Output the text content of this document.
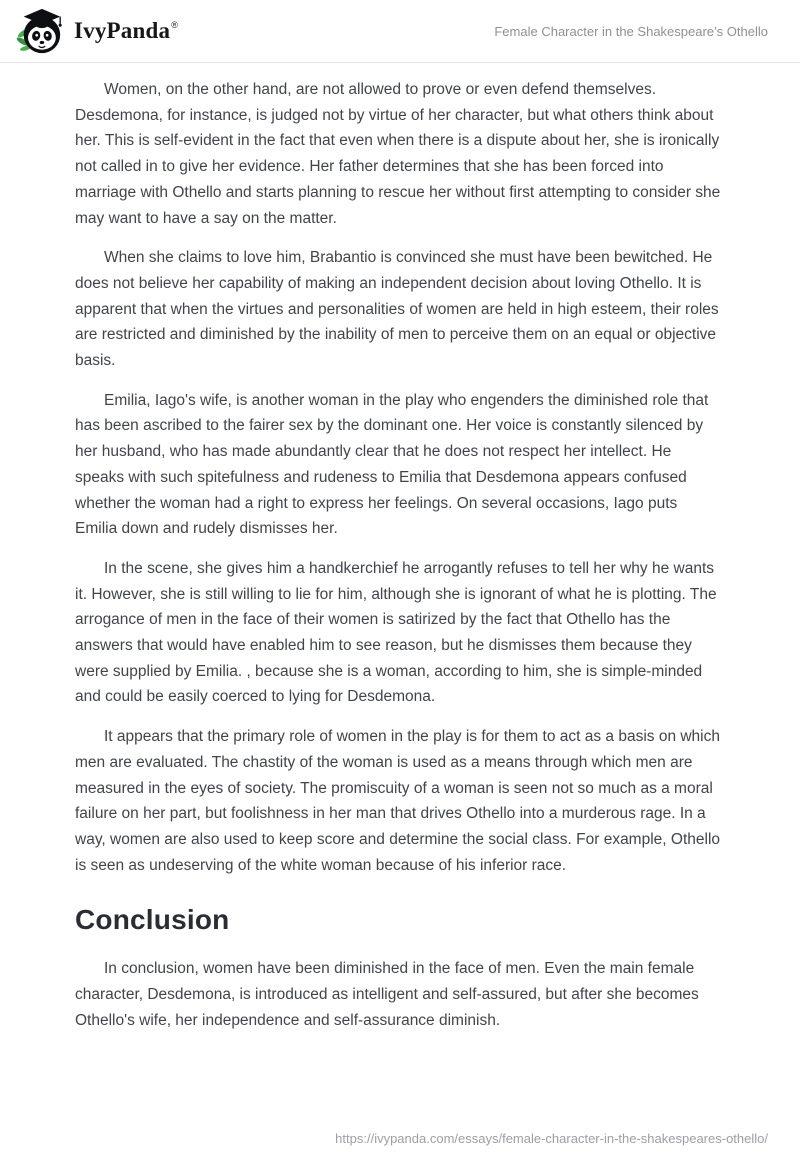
IvyPanda ®	Female Character in the Shakespeare’s Othello

Women, on the other hand, are not allowed to prove or even defend themselves. Desdemona, for instance, is judged not by virtue of her character, but what others think about her. This is self-evident in the fact that even when there is a dispute about her, she is ironically not called in to give her evidence. Her father determines that she has been forced into marriage with Othello and starts planning to rescue her without first attempting to consider she may want to have a say on the matter.

When she claims to love him, Brabantio is convinced she must have been bewitched. He does not believe her capability of making an independent decision about loving Othello. It is apparent that when the virtues and personalities of women are held in high esteem, their roles are restricted and diminished by the inability of men to perceive them on an equal or objective basis.

Emilia, Iago's wife, is another woman in the play who engenders the diminished role that has been ascribed to the fairer sex by the dominant one. Her voice is constantly silenced by her husband, who has made abundantly clear that he does not respect her intellect. He speaks with such spitefulness and rudeness to Emilia that Desdemona appears confused whether the woman had a right to express her feelings. On several occasions, Iago puts Emilia down and rudely dismisses her.

In the scene, she gives him a handkerchief he arrogantly refuses to tell her why he wants it. However, she is still willing to lie for him, although she is ignorant of what he is plotting. The arrogance of men in the face of their women is satirized by the fact that Othello has the answers that would have enabled him to see reason, but he dismisses them because they were supplied by Emilia. , because she is a woman, according to him, she is simple-minded and could be easily coerced to lying for Desdemona.

It appears that the primary role of women in the play is for them to act as a basis on which men are evaluated. The chastity of the woman is used as a means through which men are measured in the eyes of society. The promiscuity of a woman is seen not so much as a moral failure on her part, but foolishness in her man that drives Othello into a murderous rage. In a way, women are also used to keep score and determine the social class. For example, Othello is seen as undeserving of the white woman because of his inferior race.

Conclusion

In conclusion, women have been diminished in the face of men. Even the main female character, Desdemona, is introduced as intelligent and self-assured, but after she becomes Othello's wife, her independence and self-assurance diminish.

https://ivypanda.com/essays/female-character-in-the-shakespeares-othello/
